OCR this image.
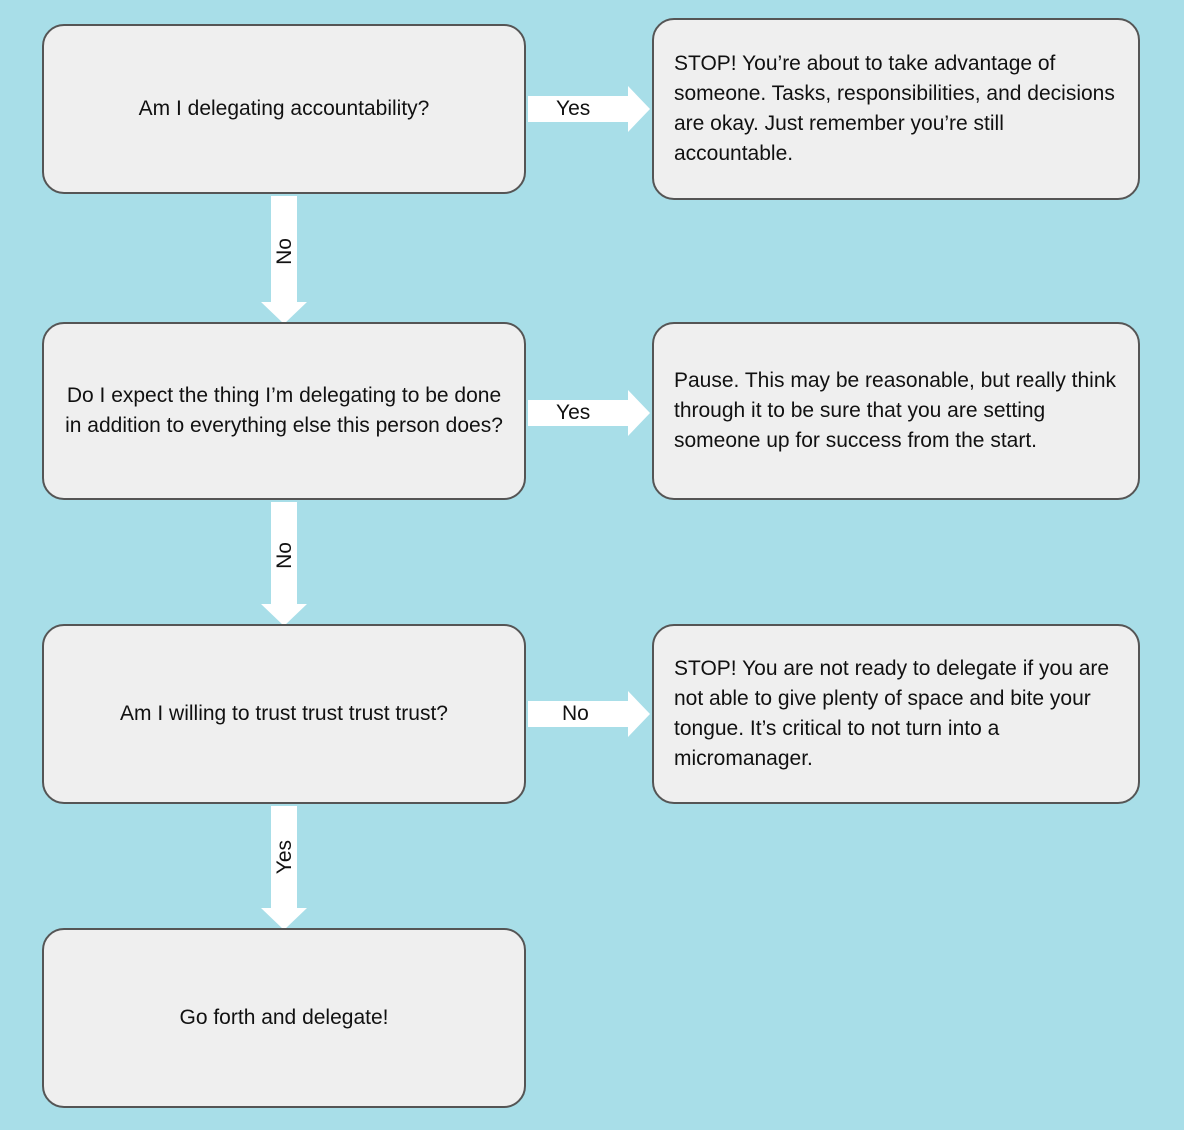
Am I delegating accountability?	Yes
STOP! You’re about to take advantage of someone. Tasks, responsibilities, and decisions are okay. Just remember you’re still accountable.
No
Do I expect the thing I’m delegating to be done in addition to everything else this person does?
Yes
Pause. This may be reasonable, but really think through it to be sure that you are setting someone up for success from the start.
No
Am I willing to trust trust trust trust?	No
STOP! You are not ready to delegate if you are not able to give plenty of space and bite your tongue. It’s critical to not turn into a micromanager.
Yes
Go forth and delegate!
